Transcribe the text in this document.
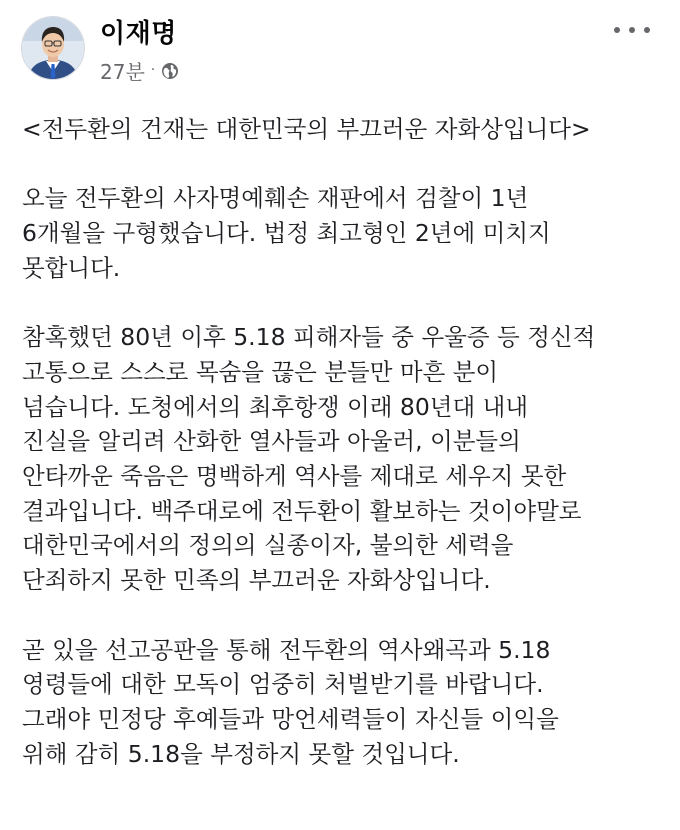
이재명
27분 ·

<전두환의 건재는 대한민국의 부끄러운 자화상입니다>

오늘 전두환의 사자명예훼손 재판에서 검찰이 1년
6개월을 구형했습니다. 법정 최고형인 2년에 미치지
못합니다.

참혹했던 80년 이후 5.18 피해자들 중 우울증 등 정신적
고통으로 스스로 목숨을 끊은 분들만 마흔 분이
넘습니다. 도청에서의 최후항쟁 이래 80년대 내내
진실을 알리려 산화한 열사들과 아울러, 이분들의
안타까운 죽음은 명백하게 역사를 제대로 세우지 못한
결과입니다. 백주대로에 전두환이 활보하는 것이야말로
대한민국에서의 정의의 실종이자, 불의한 세력을
단죄하지 못한 민족의 부끄러운 자화상입니다.

곧 있을 선고공판을 통해 전두환의 역사왜곡과 5.18
영령들에 대한 모독이 엄중히 처벌받기를 바랍니다.
그래야 민정당 후예들과 망언세력들이 자신들 이익을
위해 감히 5.18을 부정하지 못할 것입니다.
